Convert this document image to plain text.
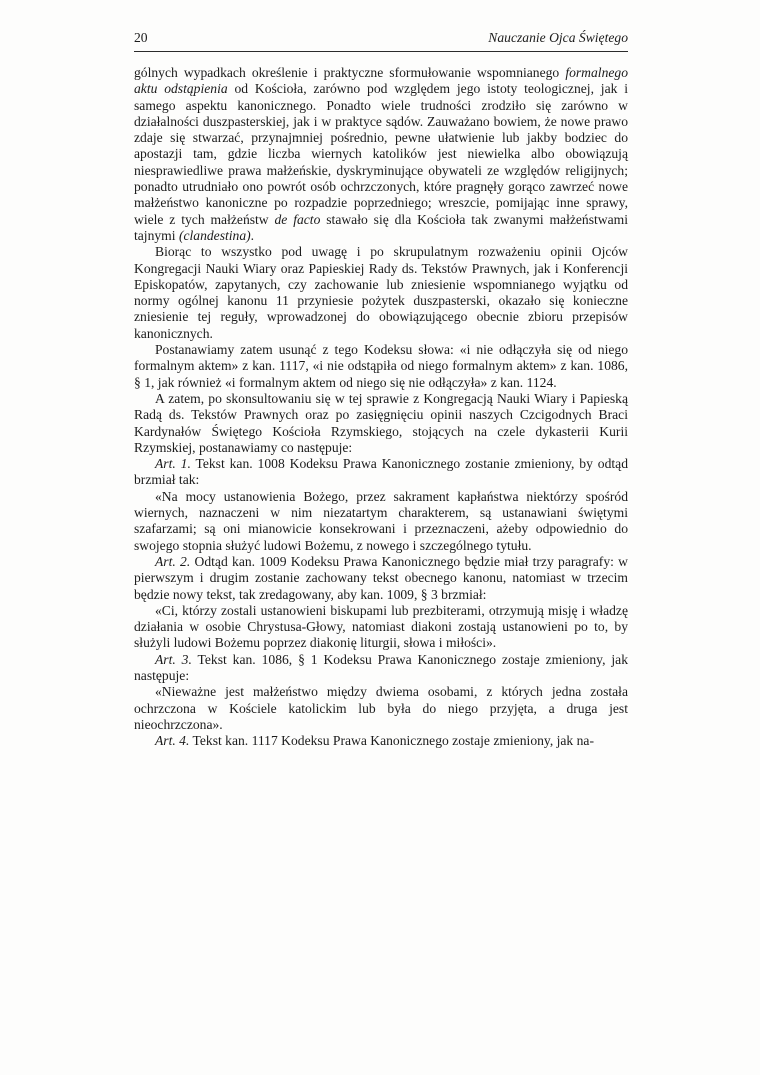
20	Nauczanie Ojca Świętego

gólnych wypadkach określenie i praktyczne sformułowanie wspomnianego formalnego aktu odstąpienia od Kościoła, zarówno pod względem jego istoty teologicznej, jak i samego aspektu kanonicznego. Ponadto wiele trudności zrodziło się zarówno w działalności duszpasterskiej, jak i w praktyce sądów. Zauważano bowiem, że nowe prawo zdaje się stwarzać, przynajmniej pośrednio, pewne ułatwienie lub jakby bodziec do apostazji tam, gdzie liczba wiernych katolików jest niewielka albo obowiązują niesprawiedliwe prawa małżeńskie, dyskryminujące obywateli ze względów religijnych; ponadto utrudniało ono powrót osób ochrzczonych, które pragnęły gorąco zawrzeć nowe małżeństwo kanoniczne po rozpadzie poprzedniego; wreszcie, pomijając inne sprawy, wiele z tych małżeństw de facto stawało się dla Kościoła tak zwanymi małżeństwami tajnymi (clandestina).

Biorąc to wszystko pod uwagę i po skrupulatnym rozważeniu opinii Ojców Kongregacji Nauki Wiary oraz Papieskiej Rady ds. Tekstów Prawnych, jak i Konferencji Episkopatów, zapytanych, czy zachowanie lub zniesienie wspomnianego wyjątku od normy ogólnej kanonu 11 przyniesie pożytek duszpasterski, okazało się konieczne zniesienie tej reguły, wprowadzonej do obowiązującego obecnie zbioru przepisów kanonicznych.

Postanawiamy zatem usunąć z tego Kodeksu słowa: «i nie odłączyła się od niego formalnym aktem» z kan. 1117, «i nie odstąpiła od niego formalnym aktem» z kan. 1086, § 1, jak również «i formalnym aktem od niego się nie odłączyła» z kan. 1124.

A zatem, po skonsultowaniu się w tej sprawie z Kongregacją Nauki Wiary i Papieską Radą ds. Tekstów Prawnych oraz po zasięgnięciu opinii naszych Czcigodnych Braci Kardynałów Świętego Kościoła Rzymskiego, stojących na czele dykasterii Kurii Rzymskiej, postanawiamy co następuje:

Art. 1. Tekst kan. 1008 Kodeksu Prawa Kanonicznego zostanie zmieniony, by odtąd brzmiał tak:

«Na mocy ustanowienia Bożego, przez sakrament kapłaństwa niektórzy spośród wiernych, naznaczeni w nim niezatartym charakterem, są ustanawiani świętymi szafarzami; są oni mianowicie konsekrowani i przeznaczeni, ażeby odpowiednio do swojego stopnia służyć ludowi Bożemu, z nowego i szczególnego tytułu.

Art. 2. Odtąd kan. 1009 Kodeksu Prawa Kanonicznego będzie miał trzy paragrafy: w pierwszym i drugim zostanie zachowany tekst obecnego kanonu, natomiast w trzecim będzie nowy tekst, tak zredagowany, aby kan. 1009, § 3 brzmiał:

«Ci, którzy zostali ustanowieni biskupami lub prezbiterami, otrzymują misję i władzę działania w osobie Chrystusa-Głowy, natomiast diakoni zostają ustanowieni po to, by służyli ludowi Bożemu poprzez diakonię liturgii, słowa i miłości».

Art. 3. Tekst kan. 1086, § 1 Kodeksu Prawa Kanonicznego zostaje zmieniony, jak następuje:

«Nieważne jest małżeństwo między dwiema osobami, z których jedna została ochrzczona w Kościele katolickim lub była do niego przyjęta, a druga jest nieochrzczona».

Art. 4. Tekst kan. 1117 Kodeksu Prawa Kanonicznego zostaje zmieniony, jak na-
